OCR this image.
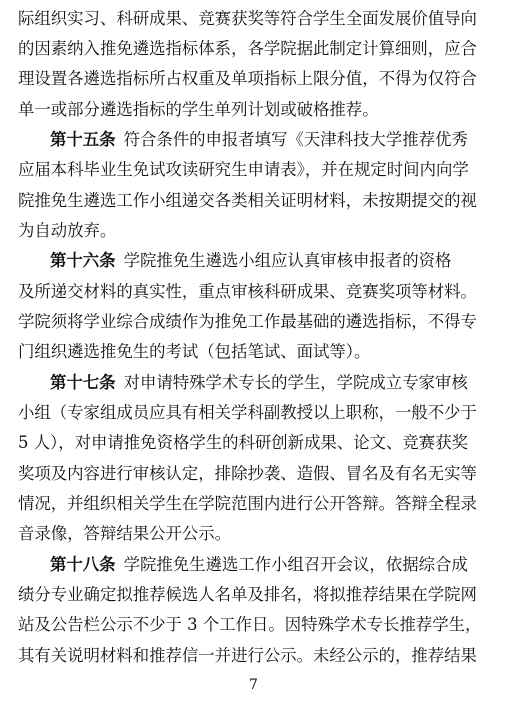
际组织实习、科研成果、竞赛获奖等符合学生全面发展价值导向
的因素纳入推免遴选指标体系，各学院据此制定计算细则，应合
理设置各遴选指标所占权重及单项指标上限分值，不得为仅符合
单一或部分遴选指标的学生单列计划或破格推荐。
第十五条 符合条件的申报者填写《天津科技大学推荐优秀
应届本科毕业生免试攻读研究生申请表》，并在规定时间内向学
院推免生遴选工作小组递交各类相关证明材料，未按期提交的视
为自动放弃。
第十六条 学院推免生遴选小组应认真审核申报者的资格
及所递交材料的真实性，重点审核科研成果、竞赛奖项等材料。
学院须将学业综合成绩作为推免工作最基础的遴选指标，不得专
门组织遴选推免生的考试（包括笔试、面试等）。
第十七条 对申请特殊学术专长的学生，学院成立专家审核
小组（专家组成员应具有相关学科副教授以上职称，一般不少于
5 人），对申请推免资格学生的科研创新成果、论文、竞赛获奖
奖项及内容进行审核认定，排除抄袭、造假、冒名及有名无实等
情况，并组织相关学生在学院范围内进行公开答辩。答辩全程录
音录像，答辩结果公开公示。
第十八条 学院推免生遴选工作小组召开会议，依据综合成
绩分专业确定拟推荐候选人名单及排名，将拟推荐结果在学院网
站及公告栏公示不少于 3 个工作日。因特殊学术专长推荐学生，
其有关说明材料和推荐信一并进行公示。未经公示的，推荐结果
7
